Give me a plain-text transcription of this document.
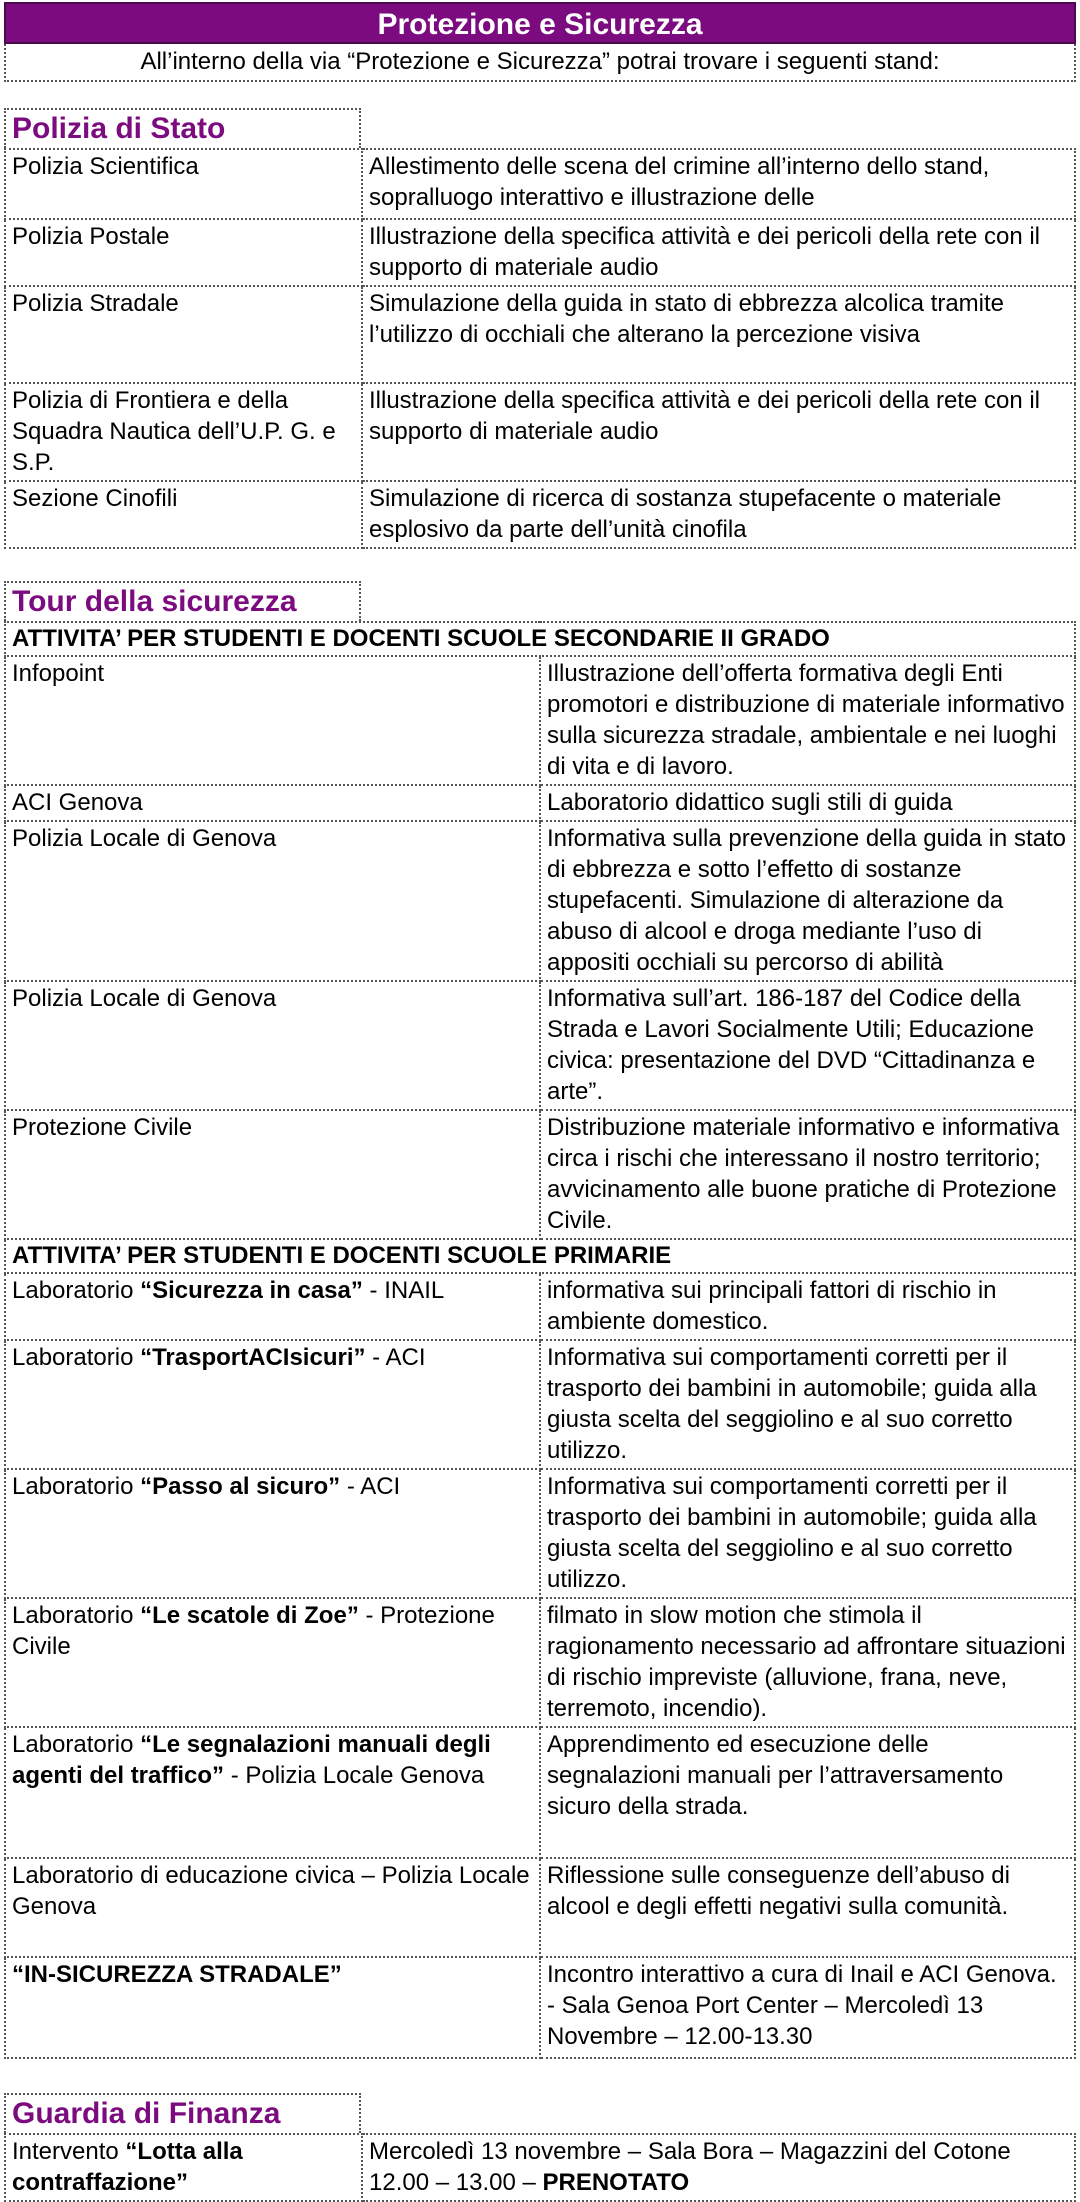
Protezione e Sicurezza
All’interno della via “Protezione e Sicurezza” potrai trovare i seguenti stand:
Polizia di Stato
Polizia Scientifica	Allestimento delle scena del crimine all’interno dello stand, sopralluogo interattivo e illustrazione delle
Polizia Postale	Illustrazione della specifica attività e dei pericoli della rete con il supporto di materiale audio
Polizia Stradale	Simulazione della guida in stato di ebbrezza alcolica tramite l’utilizzo di occhiali che alterano la percezione visiva
Polizia di Frontiera e della Squadra Nautica dell’U.P. G. e S.P.	Illustrazione della specifica attività e dei pericoli della rete con il supporto di materiale audio
Sezione Cinofili	Simulazione di ricerca di sostanza stupefacente o materiale esplosivo da parte dell’unità cinofila
Tour della sicurezza
ATTIVITA’ PER STUDENTI E DOCENTI SCUOLE SECONDARIE II GRADO	
Infopoint	Illustrazione dell’offerta formativa degli Enti promotori e distribuzione di materiale informativo sulla sicurezza stradale, ambientale e nei luoghi di vita e di lavoro.
ACI Genova	Laboratorio didattico sugli stili di guida
Polizia Locale di Genova	Informativa sulla prevenzione della guida in stato di ebbrezza e sotto l’effetto di sostanze stupefacenti. Simulazione di alterazione da abuso di alcool e droga mediante l’uso di appositi occhiali su percorso di abilità
Polizia Locale di Genova	Informativa sull’art. 186-187 del Codice della Strada e Lavori Socialmente Utili; Educazione civica: presentazione del DVD “Cittadinanza e arte”.
Protezione Civile	Distribuzione materiale informativo e informativa circa i rischi che interessano il nostro territorio; avvicinamento alle buone pratiche di Protezione Civile.
ATTIVITA’ PER STUDENTI E DOCENTI SCUOLE PRIMARIE	
Laboratorio “Sicurezza in casa” - INAIL	informativa sui principali fattori di rischio in ambiente domestico.
Laboratorio “TrasportACIsicuri” - ACI	Informativa sui comportamenti corretti per il trasporto dei bambini in automobile; guida alla giusta scelta del seggiolino e al suo corretto utilizzo.
Laboratorio “Passo al sicuro” - ACI	Informativa sui comportamenti corretti per il trasporto dei bambini in automobile; guida alla giusta scelta del seggiolino e al suo corretto utilizzo.
Laboratorio “Le scatole di Zoe” - Protezione Civile	filmato in slow motion che stimola il ragionamento necessario ad affrontare situazioni di rischio impreviste (alluvione, frana, neve, terremoto, incendio).
Laboratorio “Le segnalazioni manuali degli agenti del traffico” - Polizia Locale Genova	Apprendimento ed esecuzione delle segnalazioni manuali per l’attraversamento sicuro della strada.
Laboratorio di educazione civica – Polizia Locale Genova	Riflessione sulle conseguenze dell’abuso di alcool e degli effetti negativi sulla comunità.
“IN-SICUREZZA STRADALE”	Incontro interattivo a cura di Inail e ACI Genova. - Sala Genoa Port Center – Mercoledì 13 Novembre – 12.00-13.30
Guardia di Finanza
Intervento “Lotta alla contraffazione”	Mercoledì 13 novembre – Sala Bora – Magazzini del Cotone 12.00 – 13.00 – PRENOTATO
